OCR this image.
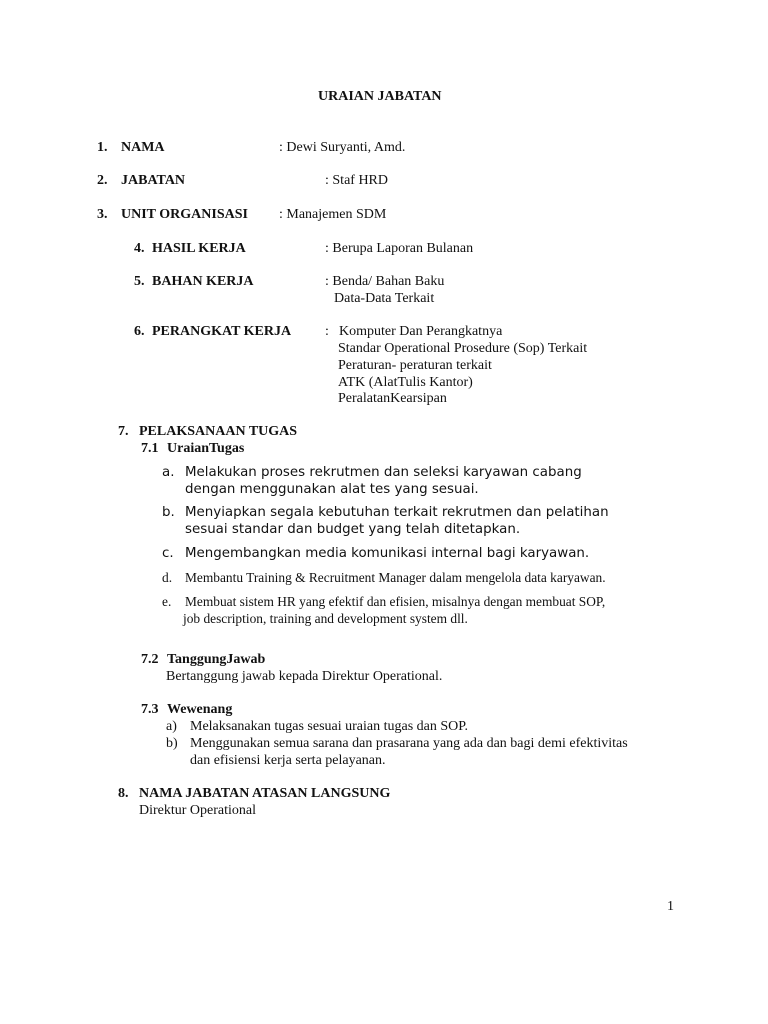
URAIAN JABATAN
1. NAMA	: Dewi Suryanti, Amd.
2. JABATAN	: Staf HRD
3. UNIT ORGANISASI : Manajemen SDM
4. HASIL KERJA	: Berupa Laporan Bulanan
5. BAHAN KERJA	: Benda/ Bahan Baku
Data-Data Terkait
6. PERANGKAT KERJA : Komputer Dan Perangkatnya
Standar Operational Prosedure (Sop) Terkait
Peraturan- peraturan terkait
ATK (AlatTulis Kantor)
PeralatanKearsipan
7. PELAKSANAAN TUGAS
7.1 UraianTugas
a. Melakukan proses rekrutmen dan seleksi karyawan cabang
dengan menggunakan alat tes yang sesuai.
b. Menyiapkan segala kebutuhan terkait rekrutmen dan pelatihan
sesuai standar dan budget yang telah ditetapkan.
c. Mengembangkan media komunikasi internal bagi karyawan.
d. Membantu Training & Recruitment Manager dalam mengelola data karyawan.
e. Membuat sistem HR yang efektif dan efisien, misalnya dengan membuat SOP,
job description, training and development system dll.
7.2 TanggungJawab
Bertanggung jawab kepada Direktur Operational.
7.3 Wewenang
a) Melaksanakan tugas sesuai uraian tugas dan SOP.
b) Menggunakan semua sarana dan prasarana yang ada dan bagi demi efektivitas
dan efisiensi kerja serta pelayanan.
8. NAMA JABATAN ATASAN LANGSUNG
Direktur Operational
1
